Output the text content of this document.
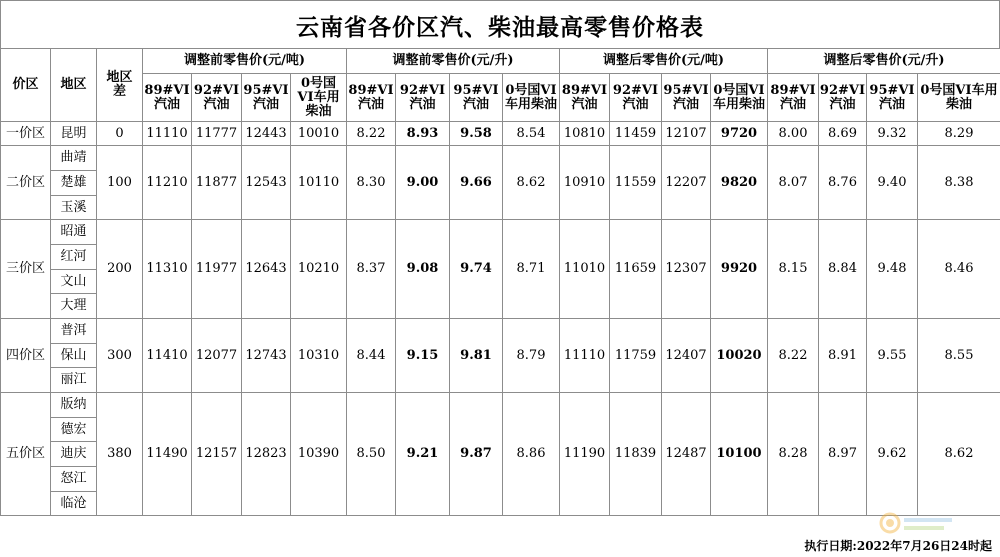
云南省各价区汽、柴油最高零售价格表
价区	地区	地区差	调整前零售价(元/吨)				调整前零售价(元/升)				调整后零售价(元/吨)				调整后零售价(元/升)			
			89#VI汽油	92#VI汽油	95#VI汽油	0号国VI车用柴油	89#VI汽油	92#VI汽油	95#VI汽油	0号国VI车用柴油	89#VI汽油	92#VI汽油	95#VI汽油	0号国VI车用柴油	89#VI汽油	92#VI汽油	95#VI汽油	0号国VI车用柴油
一价区	昆明	0	11110	11777	12443	10010	8.22	8.93	9.58	8.54	10810	11459	12107	9720	8.00	8.69	9.32	8.29
二价区	曲靖	100	11210	11877	12543	10110	8.30	9.00	9.66	8.62	10910	11559	12207	9820	8.07	8.76	9.40	8.38
	楚雄																	
	玉溪																	
三价区	昭通	200	11310	11977	12643	10210	8.37	9.08	9.74	8.71	11010	11659	12307	9920	8.15	8.84	9.48	8.46
	红河																	
	文山																	
	大理																	
四价区	普洱	300	11410	12077	12743	10310	8.44	9.15	9.81	8.79	11110	11759	12407	10020	8.22	8.91	9.55	8.55
	保山																	
	丽江																	
五价区	版纳	380	11490	12157	12823	10390	8.50	9.21	9.87	8.86	11190	11839	12487	10100	8.28	8.97	9.62	8.62
	德宏																	
	迪庆																	
	怒江																	
	临沧																	
执行日期:2022年7月26日24时起
